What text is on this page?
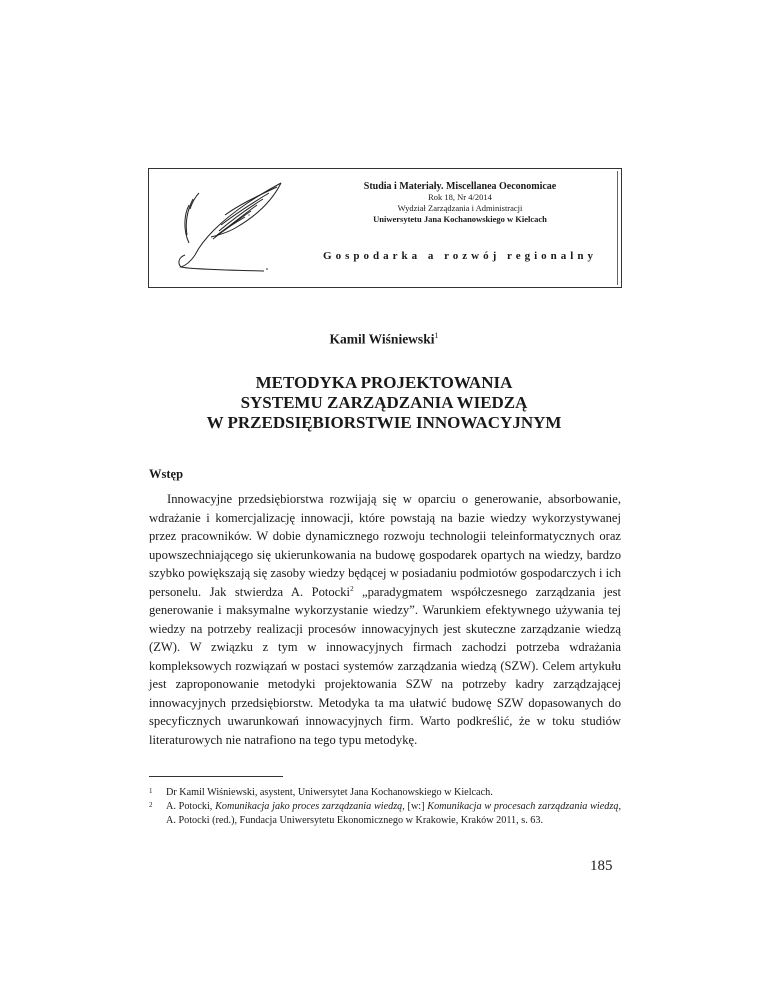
Studia i Materiały. Miscellanea Oeconomicae
Rok 18, Nr 4/2014
Wydział Zarządzania i Administracji
Uniwersytetu Jana Kochanowskiego w Kielcach
Gospodarka a rozwój regionalny
Kamil Wiśniewski$^1$
METODYKA PROJEKTOWANIA
SYSTEMU ZARZĄDZANIA WIEDZĄ
W PRZEDSIĘBIORSTWIE INNOWACYJNYM
Wstęp
Innowacyjne przedsiębiorstwa rozwijają się w oparciu o generowanie, absorbowanie, wdrażanie i komercjalizację innowacji, które powstają na bazie wiedzy wykorzystywanej przez pracowników. W dobie dynamicznego rozwoju technologii teleinformatycznych oraz upowszechniającego się ukierunkowania na budowę gospodarek opartych na wiedzy, bardzo szybko powiększają się zasoby wiedzy będącej w posiadaniu podmiotów gospodarczych i ich personelu. Jak stwierdza A. Potocki$^2$ „paradygmatem współczesnego zarządzania jest generowanie i maksymalne wykorzystanie wiedzy”. Warunkiem efektywnego używania tej wiedzy na potrzeby realizacji procesów innowacyjnych jest skuteczne zarządzanie wiedzą (ZW). W związku z tym w innowacyjnych firmach zachodzi potrzeba wdrażania kompleksowych rozwiązań w postaci systemów zarządzania wiedzą (SZW). Celem artykułu jest zaproponowanie metodyki projektowania SZW na potrzeby kadry zarządzającej innowacyjnych przedsiębiorstw. Metodyka ta ma ułatwić budowę SZW dopasowanych do specyficznych uwarunkowań innowacyjnych firm. Warto podkreślić, że w toku studiów literaturowych nie natrafiono na tego typu metodykę.
1 Dr Kamil Wiśniewski, asystent, Uniwersytet Jana Kochanowskiego w Kielcach.
2 A. Potocki, Komunikacja jako proces zarządzania wiedzą, [w:] Komunikacja w procesach zarządzania wiedzą, A. Potocki (red.), Fundacja Uniwersytetu Ekonomicznego w Krakowie, Kraków 2011, s. 63.
185
